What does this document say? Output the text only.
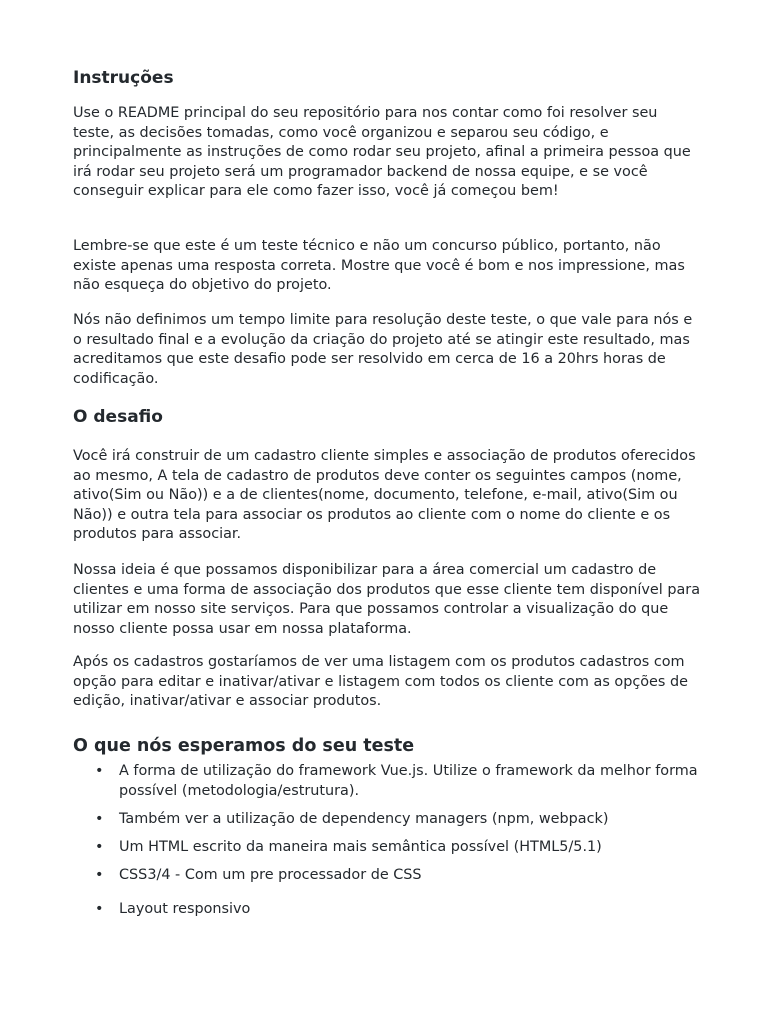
Instruções

Use o README principal do seu repositório para nos contar como foi resolver seu teste, as decisões tomadas, como você organizou e separou seu código, e principalmente as instruções de como rodar seu projeto, afinal a primeira pessoa que irá rodar seu projeto será um programador backend de nossa equipe, e se você conseguir explicar para ele como fazer isso, você já começou bem!

Lembre-se que este é um teste técnico e não um concurso público, portanto, não existe apenas uma resposta correta. Mostre que você é bom e nos impressione, mas não esqueça do objetivo do projeto.

Nós não definimos um tempo limite para resolução deste teste, o que vale para nós e o resultado final e a evolução da criação do projeto até se atingir este resultado, mas acreditamos que este desafio pode ser resolvido em cerca de 16 a 20hrs horas de codificação.

O desafio

Você irá construir de um cadastro cliente simples e associação de produtos oferecidos ao mesmo, A tela de cadastro de produtos deve conter os seguintes campos (nome, ativo(Sim ou Não)) e a de clientes(nome, documento, telefone, e-mail, ativo(Sim ou Não)) e outra tela para associar os produtos ao cliente com o nome do cliente e os produtos para associar.

Nossa ideia é que possamos disponibilizar para a área comercial um cadastro de clientes e uma forma de associação dos produtos que esse cliente tem disponível para utilizar em nosso site serviços. Para que possamos controlar a visualização do que nosso cliente possa usar em nossa plataforma.

Após os cadastros gostaríamos de ver uma listagem com os produtos cadastros com opção para editar e inativar/ativar e listagem com todos os cliente com as opções de edição, inativar/ativar e associar produtos.

O que nós esperamos do seu teste
• A forma de utilização do framework Vue.js. Utilize o framework da melhor forma possível (metodologia/estrutura).
• Também ver a utilização de dependency managers (npm, webpack)
• Um HTML escrito da maneira mais semântica possível (HTML5/5.1)
• CSS3/4 - Com um pre processador de CSS
• Layout responsivo
